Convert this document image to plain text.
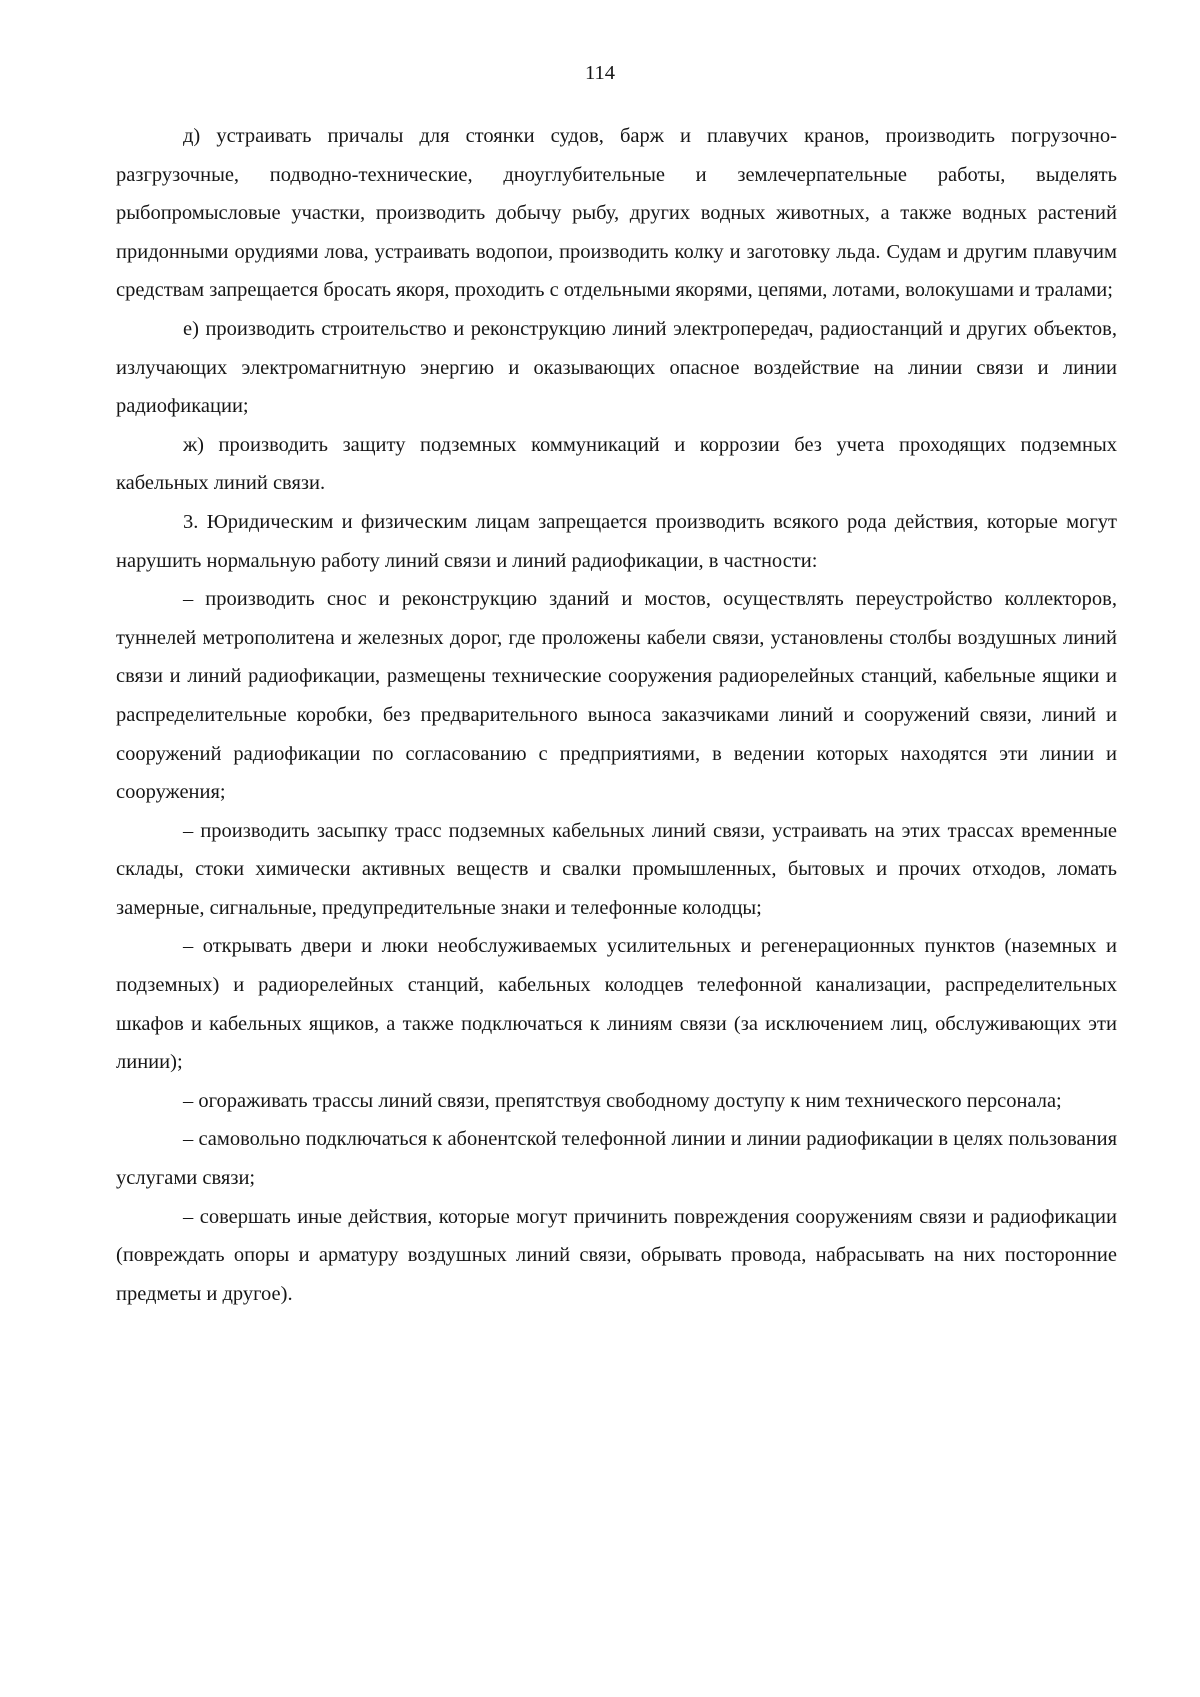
114

д) устраивать причалы для стоянки судов, барж и плавучих кранов, производить погрузочно-разгрузочные, подводно-технические, дноуглубительные и землечерпательные работы, выделять рыбопромысловые участки, производить добычу рыбу, других водных животных, а также водных растений придонными орудиями лова, устраивать водопои, производить колку и заготовку льда. Судам и другим плавучим средствам запрещается бросать якоря, проходить с отдельными якорями, цепями, лотами, волокушами и тралами;

е) производить строительство и реконструкцию линий электропередач, радиостанций и других объектов, излучающих электромагнитную энергию и оказывающих опасное воздействие на линии связи и линии радиофикации;

ж) производить защиту подземных коммуникаций и коррозии без учета проходящих подземных кабельных линий связи.

3. Юридическим и физическим лицам запрещается производить всякого рода действия, которые могут нарушить нормальную работу линий связи и линий радиофикации, в частности:

– производить снос и реконструкцию зданий и мостов, осуществлять переустройство коллекторов, туннелей метрополитена и железных дорог, где проложены кабели связи, установлены столбы воздушных линий связи и линий радиофикации, размещены технические сооружения радиорелейных станций, кабельные ящики и распределительные коробки, без предварительного выноса заказчиками линий и сооружений связи, линий и сооружений радиофикации по согласованию с предприятиями, в ведении которых находятся эти линии и сооружения;

– производить засыпку трасс подземных кабельных линий связи, устраивать на этих трассах временные склады, стоки химически активных веществ и свалки промышленных, бытовых и прочих отходов, ломать замерные, сигнальные, предупредительные знаки и телефонные колодцы;

– открывать двери и люки необслуживаемых усилительных и регенерационных пунктов (наземных и подземных) и радиорелейных станций, кабельных колодцев телефонной канализации, распределительных шкафов и кабельных ящиков, а также подключаться к линиям связи (за исключением лиц, обслуживающих эти линии);

– огораживать трассы линий связи, препятствуя свободному доступу к ним технического персонала;

– самовольно подключаться к абонентской телефонной линии и линии радиофикации в целях пользования услугами связи;

– совершать иные действия, которые могут причинить повреждения сооружениям связи и радиофикации (повреждать опоры и арматуру воздушных линий связи, обрывать провода, набрасывать на них посторонние предметы и другое).
